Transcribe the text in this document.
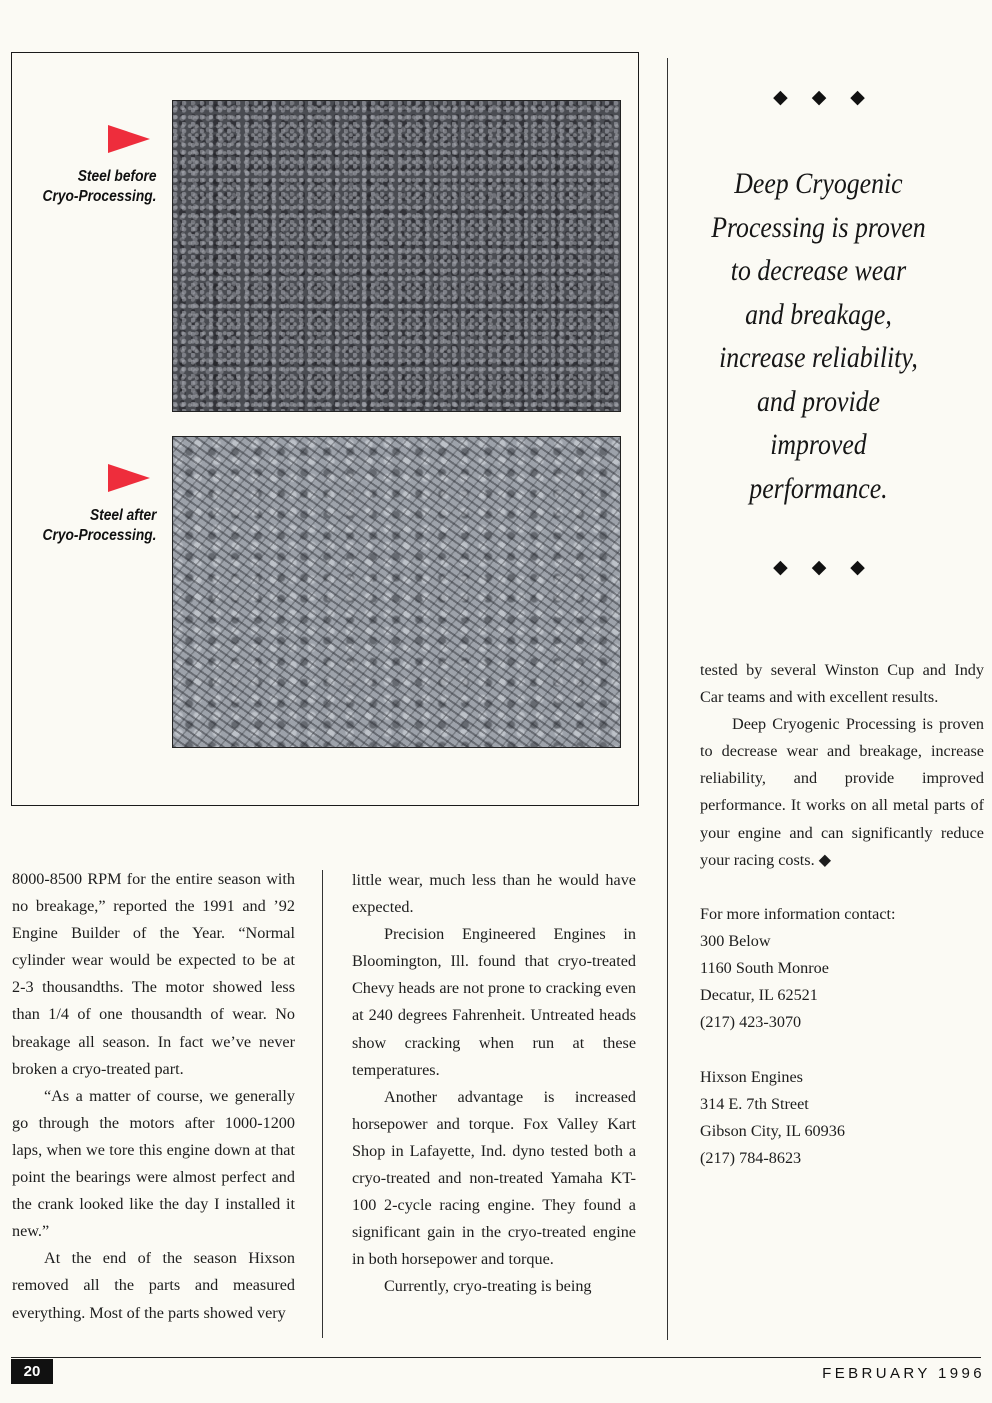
Steel before
Cryo-Processing.
Steel after
Cryo-Processing.
◆◆◆
Deep Cryogenic
Processing is proven
to decrease wear
and breakage,
increase reliability,
and provide
improved
performance.
◆◆◆

8000-8500 RPM for the entire season with no breakage,” reported the 1991 and ’92 Engine Builder of the Year. “Normal cylinder wear would be expected to be at 2-3 thousandths. The motor showed less than 1/4 of one thousandth of wear. No breakage all season. In fact we’ve never broken a cryo-treated part.

“As a matter of course, we generally go through the motors after 1000-1200 laps, when we tore this engine down at that point the bearings were almost perfect and the crank looked like the day I installed it new.”

At the end of the season Hixson removed all the parts and measured everything. Most of the parts showed very

little wear, much less than he would have expected.

Precision Engineered Engines in Bloomington, Ill. found that cryo-treated Chevy heads are not prone to cracking even at 240 degrees Fahrenheit. Untreated heads show cracking when run at these temperatures.

Another advantage is increased horsepower and torque. Fox Valley Kart Shop in Lafayette, Ind. dyno tested both a cryo-treated and non-treated Yamaha KT-100 2-cycle racing engine. They found a significant gain in the cryo-treated engine in both horsepower and torque.

Currently, cryo-treating is being

tested by several Winston Cup and Indy Car teams and with excellent results.

Deep Cryogenic Processing is proven to decrease wear and breakage, increase reliability, and provide improved performance. It works on all metal parts of your engine and can significantly reduce your racing costs. ◆

For more information contact:
300 Below
1160 South Monroe
Decatur, IL 62521
(217) 423-3070
Hixson Engines
314 E. 7th Street
Gibson City, IL 60936
(217) 784-8623
20	FEBRUARY 1996
